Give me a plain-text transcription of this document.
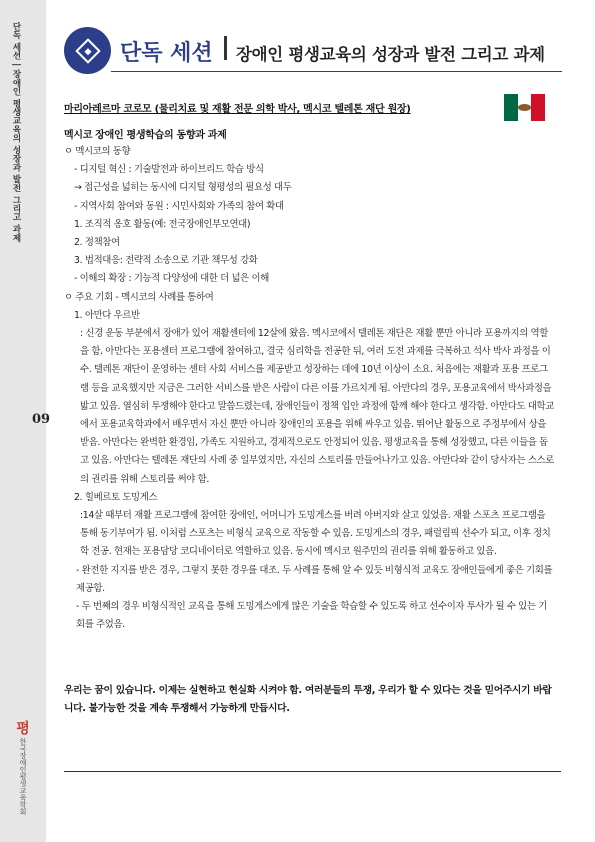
단독 세션 | 장애인 평생교육의 성장과 발전 그리고 과제
09
평
한국장애인평생교육학회
단독 세션 장애인 평생교육의 성장과 발전 그리고 과제
마리아레르마 코로모 (물리치료 및 재활 전문 의학 박사, 멕시코 텔레톤 재단 원장)
멕시코 장애인 평생학습의 동향과 과제
ㅇ 멕시코의 동향
- 디지털 혁신 : 기술발전과 하이브리드 학습 방식
→ 접근성을 넓히는 동시에 디지털 형평성의 필요성 대두
- 지역사회 참여와 동원 : 시민사회와 가족의 참여 확대
1. 조직적 옹호 활동(예: 전국장애인부모연대)
2. 정책참여
3. 법적대응: 전략적 소송으로 기관 책무성 강화
- 이해의 확장 : 기능적 다양성에 대한 더 넓은 이해
ㅇ 주요 기회 - 멕시코의 사례를 통하여
1. 아만다 우르반
: 신경 운동 부분에서 장애가 있어 재활센터에 12살에 왔음. 멕시코에서 텔레톤 재단은 재활 뿐만 아니라 포용까지의 역할을 함. 아만다는 포용센터 프로그램에 참여하고, 결국 심리학을 전공한 뒤, 여러 도전 과제를 극복하고 석사 박사 과정을 이수. 텔레톤 재단이 운영하는 센터 사회 서비스를 제공받고 성장하는 데에 10년 이상이 소요. 처음에는 재활과 포용 프로그램 등을 교육했지만 지금은 그러한 서비스를 받은 사람이 다른 이를 가르치게 됨. 아만다의 경우, 포용교육에서 박사과정을 밟고 있음. 열심히 투쟁해야 한다고 말씀드렸는데, 장애인들이 정책 입안 과정에 함께 해야 한다고 생각함. 아만다도 대학교에서 포용교육학과에서 배우면서 자신 뿐만 아니라 장애인의 포용을 위해 싸우고 있음. 뛰어난 활동으로 주정부에서 상을 받음. 아만다는 완벽한 환경임, 가족도 지원하고, 경제적으로도 안정되어 있음. 평생교육을 통해 성장했고, 다른 이들을 돕고 있음. 아만다는 텔레톤 재단의 사례 중 일부였지만, 자신의 스토리를 만들어나가고 있음. 아만다와 같이 당사자는 스스로의 권리를 위해 스토리를 써야 함.
2. 힐베르토 도밍게스
:14살 때부터 재활 프로그램에 참여한 장애인, 어머니가 도밍게스를 버려 아버지와 살고 있었음. 재활 스포츠 프로그램을 통해 동기부여가 됨. 이처럼 스포츠는 비형식 교육으로 작동할 수 있음. 도밍게스의 경우, 패럴림픽 선수가 되고, 이후 정치학 전공. 현재는 포용담당 코디네이터로 역할하고 있음. 동시에 멕시코 원주민의 권리를 위해 활동하고 있음.
- 완전한 지지를 받은 경우, 그렇지 못한 경우를 대조. 두 사례를 통해 알 수 있듯 비형식적 교육도 장애인들에게 좋은 기회를 제공함.
- 두 번째의 경우 비형식적인 교육을 통해 도밍게스에게 많은 기술을 학습할 수 있도록 하고 선수이자 투사가 될 수 있는 기회를 주었음.
우리는 꿈이 있습니다. 이제는 실현하고 현실화 시켜야 함. 여러분들의 투쟁, 우리가 할 수 있다는 것을 믿어주시기 바랍니다. 불가능한 것을 계속 투쟁해서 가능하게 만듭시다.
